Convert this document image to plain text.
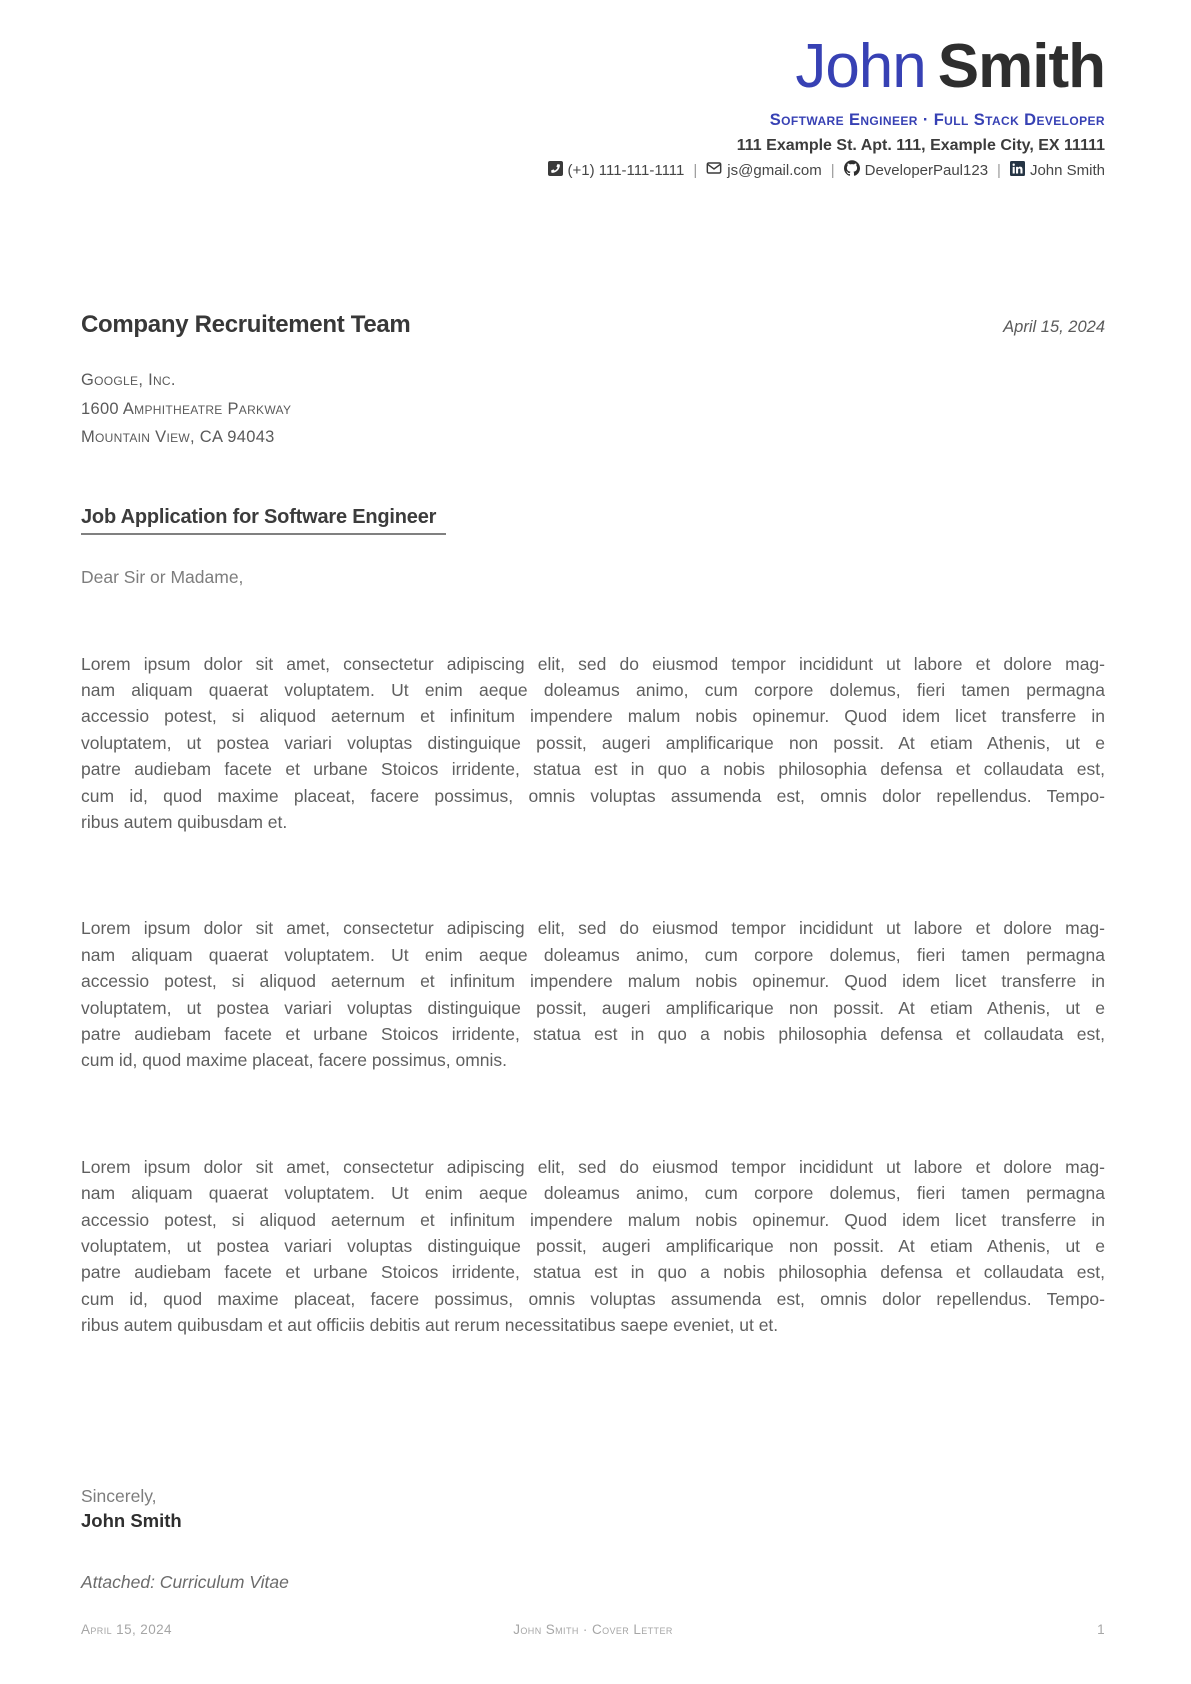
John Smith
Software Engineer · Full Stack Developer
111 Example St. Apt. 111, Example City, EX 11111
(+1) 111-111-1111 | js@gmail.com | DeveloperPaul123 | John Smith
Company Recruitement Team	April 15, 2024
Google, Inc.
1600 Amphitheatre Parkway
Mountain View, CA 94043
Job Application for Software Engineer
Dear Sir or Madame,
Lorem ipsum dolor sit amet, consectetur adipiscing elit, sed do eiusmod tempor incididunt ut labore et dolore mag-
nam aliquam quaerat voluptatem. Ut enim aeque doleamus animo, cum corpore dolemus, fieri tamen permagna
accessio potest, si aliquod aeternum et infinitum impendere malum nobis opinemur. Quod idem licet transferre in
voluptatem, ut postea variari voluptas distinguique possit, augeri amplificarique non possit. At etiam Athenis, ut e
patre audiebam facete et urbane Stoicos irridente, statua est in quo a nobis philosophia defensa et collaudata est,
cum id, quod maxime placeat, facere possimus, omnis voluptas assumenda est, omnis dolor repellendus. Tempo-
ribus autem quibusdam et.
Lorem ipsum dolor sit amet, consectetur adipiscing elit, sed do eiusmod tempor incididunt ut labore et dolore mag-
nam aliquam quaerat voluptatem. Ut enim aeque doleamus animo, cum corpore dolemus, fieri tamen permagna
accessio potest, si aliquod aeternum et infinitum impendere malum nobis opinemur. Quod idem licet transferre in
voluptatem, ut postea variari voluptas distinguique possit, augeri amplificarique non possit. At etiam Athenis, ut e
patre audiebam facete et urbane Stoicos irridente, statua est in quo a nobis philosophia defensa et collaudata est,
cum id, quod maxime placeat, facere possimus, omnis.
Lorem ipsum dolor sit amet, consectetur adipiscing elit, sed do eiusmod tempor incididunt ut labore et dolore mag-
nam aliquam quaerat voluptatem. Ut enim aeque doleamus animo, cum corpore dolemus, fieri tamen permagna
accessio potest, si aliquod aeternum et infinitum impendere malum nobis opinemur. Quod idem licet transferre in
voluptatem, ut postea variari voluptas distinguique possit, augeri amplificarique non possit. At etiam Athenis, ut e
patre audiebam facete et urbane Stoicos irridente, statua est in quo a nobis philosophia defensa et collaudata est,
cum id, quod maxime placeat, facere possimus, omnis voluptas assumenda est, omnis dolor repellendus. Tempo-
ribus autem quibusdam et aut officiis debitis aut rerum necessitatibus saepe eveniet, ut et.
Sincerely,
John Smith
Attached: Curriculum Vitae
April 15, 2024	John Smith · Cover Letter	1
